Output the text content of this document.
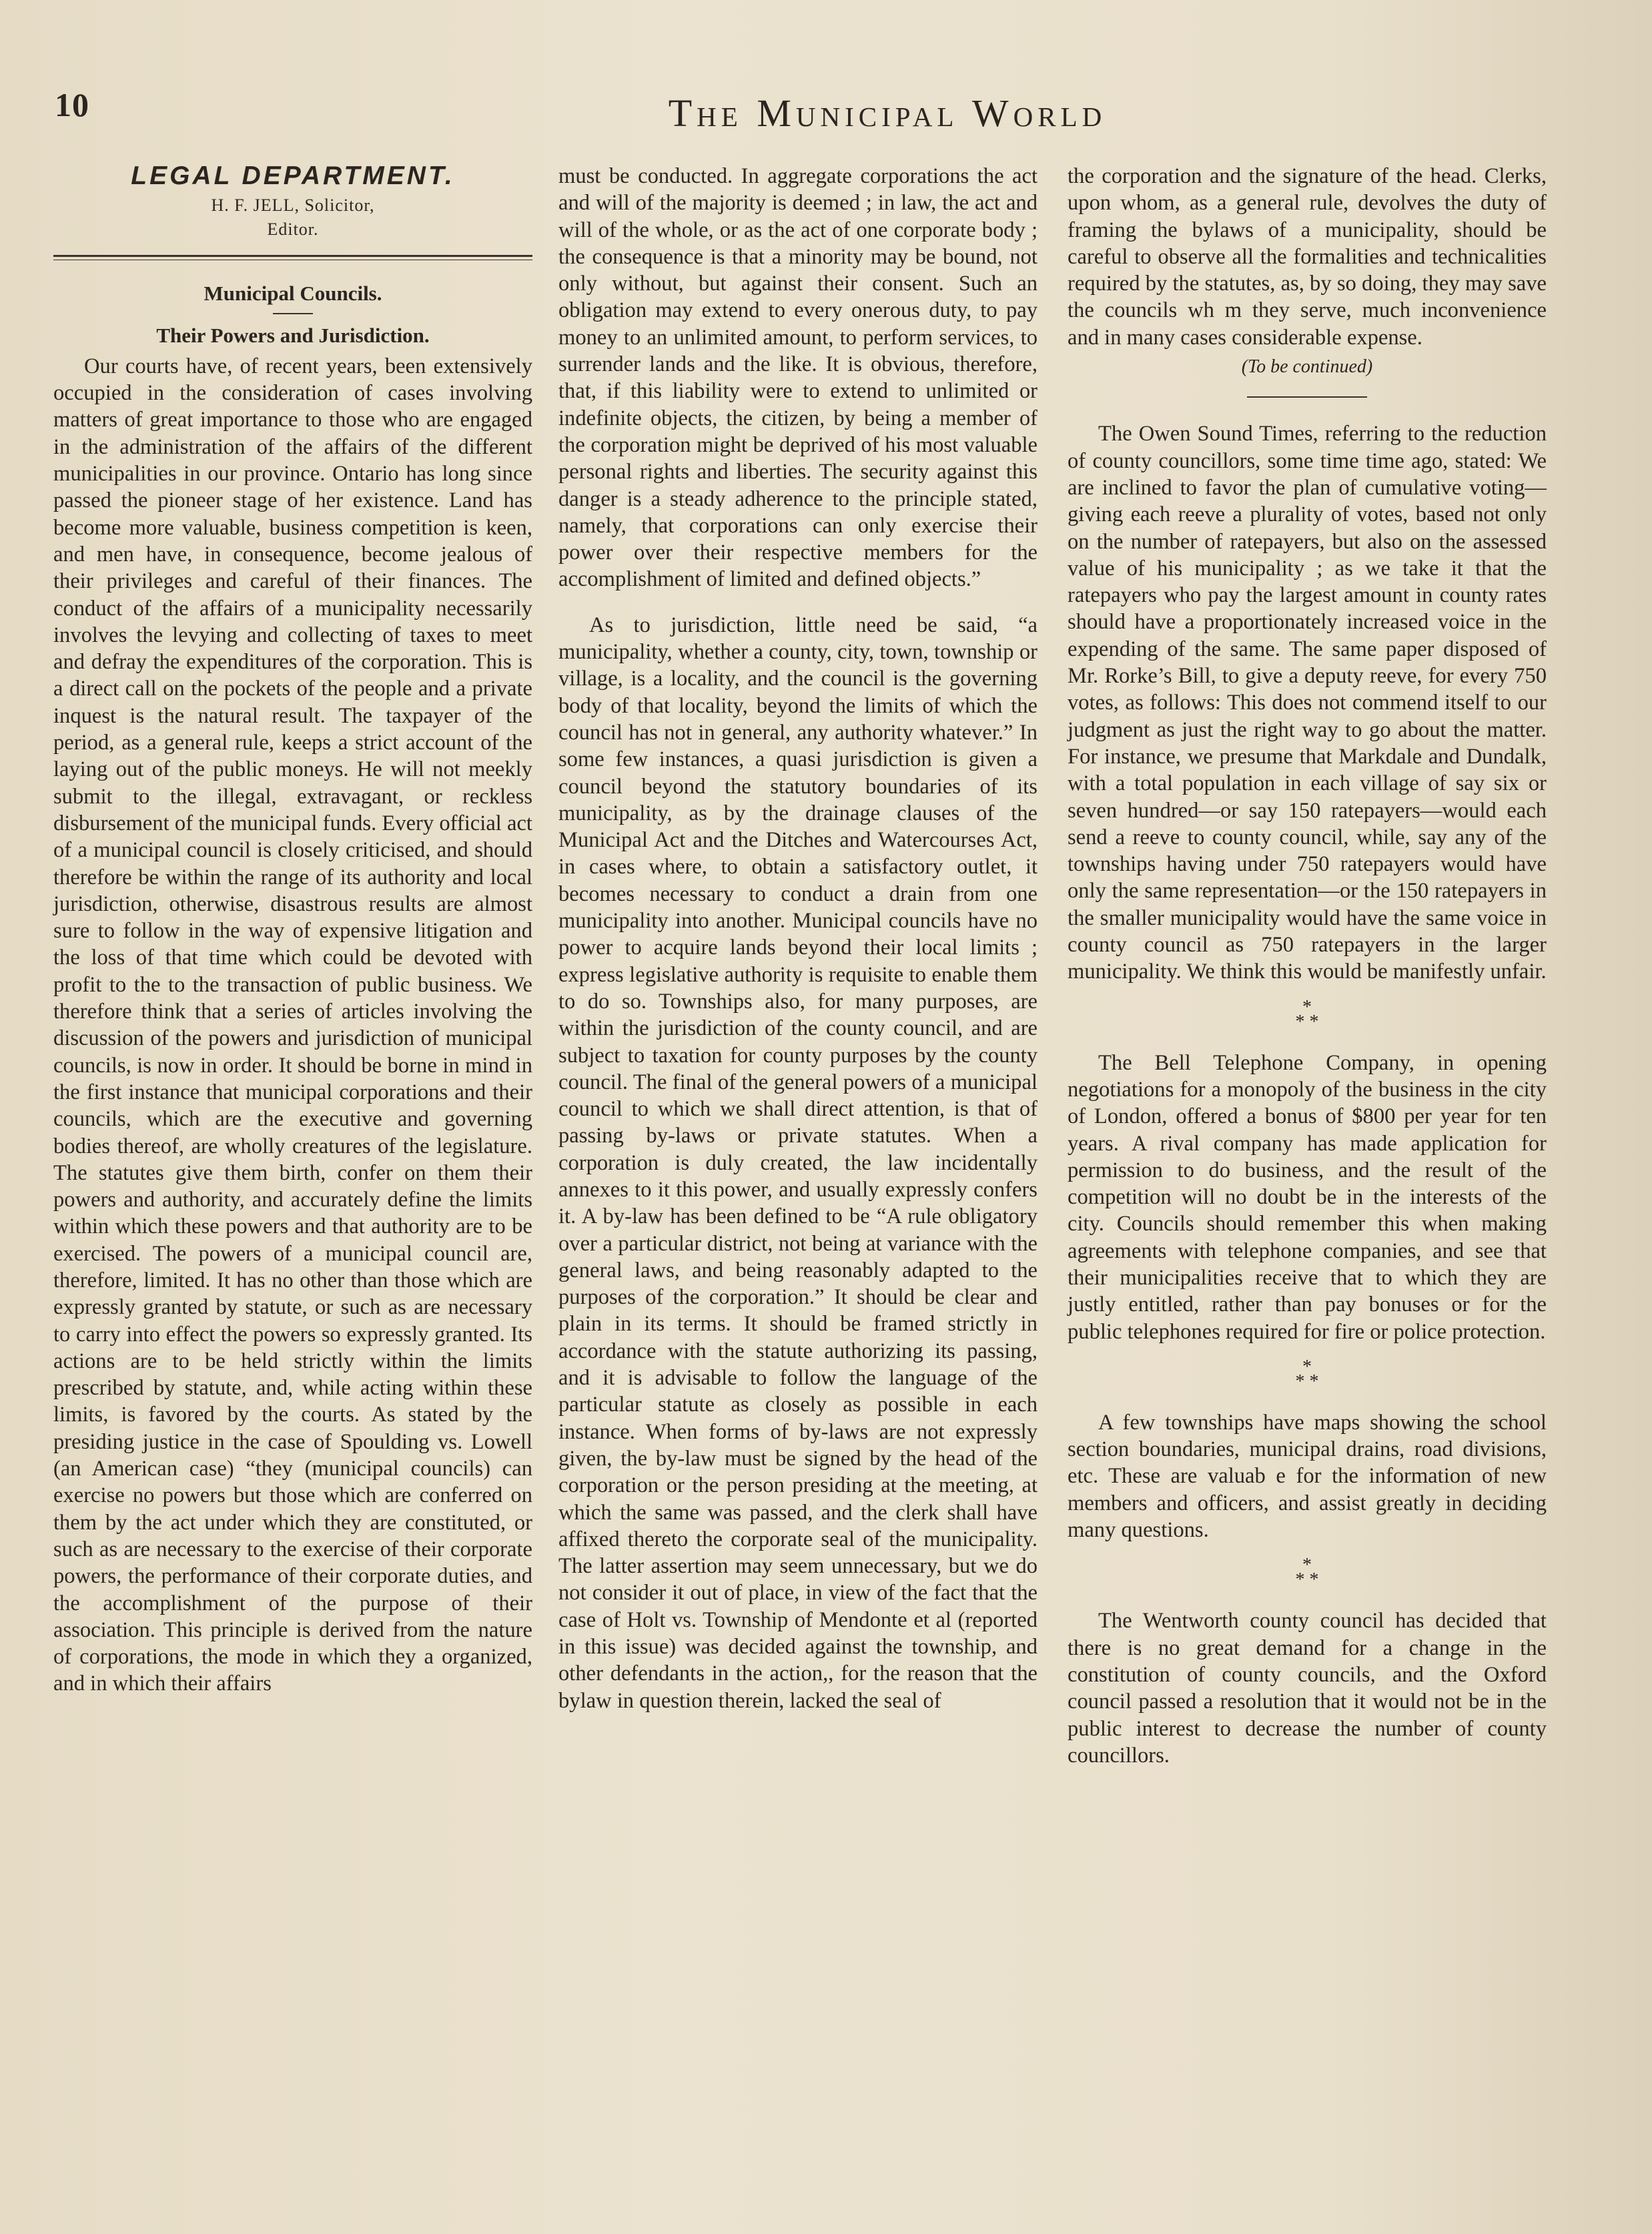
10	The Municipal World
LEGAL DEPARTMENT.
H. F. JELL, Solicitor,
Editor.
Municipal Councils.
Their Powers and Jurisdiction.

Our courts have, of recent years, been extensively occupied in the consideration of cases involving matters of great importance to those who are engaged in the administration of the affairs of the different municipalities in our province. Ontario has long since passed the pioneer stage of her existence. Land has become more valuable, business competition is keen, and men have, in consequence, become jealous of their privileges and careful of their finances. The conduct of the affairs of a municipality necessarily involves the levying and collecting of taxes to meet and defray the expenditures of the corporation. This is a direct call on the pockets of the people and a private inquest is the natural result. The taxpayer of the period, as a general rule, keeps a strict account of the laying out of the public moneys. He will not meekly submit to the illegal, extravagant, or reckless disbursement of the municipal funds. Every official act of a municipal council is closely criticised, and should therefore be within the range of its authority and local jurisdiction, otherwise, disastrous results are almost sure to follow in the way of expensive litigation and the loss of that time which could be devoted with profit to the to the transaction of public business. We therefore think that a series of articles involving the discussion of the powers and jurisdiction of municipal councils, is now in order. It should be borne in mind in the first instance that municipal corporations and their councils, which are the executive and governing bodies thereof, are wholly creatures of the legislature. The statutes give them birth, confer on them their powers and authority, and accurately define the limits within which these powers and that authority are to be exercised. The powers of a municipal council are, therefore, limited. It has no other than those which are expressly granted by statute, or such as are necessary to carry into effect the powers so expressly granted. Its actions are to be held strictly within the limits prescribed by statute, and, while acting within these limits, is favored by the courts. As stated by the presiding justice in the case of Spoulding vs. Lowell (an American case) “they (municipal councils) can exercise no powers but those which are conferred on them by the act under which they are constituted, or such as are necessary to the exercise of their corporate powers, the performance of their corporate duties, and the accomplishment of the purpose of their association. This principle is derived from the nature of corporations, the mode in which they a organized, and in which their affairs

must be conducted. In aggregate corporations the act and will of the majority is deemed ; in law, the act and will of the whole, or as the act of one corporate body ; the consequence is that a minority may be bound, not only without, but against their consent. Such an obligation may extend to every onerous duty, to pay money to an unlimited amount, to perform services, to surrender lands and the like. It is obvious, therefore, that, if this liability were to extend to unlimited or indefinite objects, the citizen, by being a member of the corporation might be deprived of his most valuable personal rights and liberties. The security against this danger is a steady adherence to the principle stated, namely, that corporations can only exercise their power over their respective members for the accomplishment of limited and defined objects.”

As to jurisdiction, little need be said, “a municipality, whether a county, city, town, township or village, is a locality, and the council is the governing body of that locality, beyond the limits of which the council has not in general, any authority whatever.” In some few instances, a quasi jurisdiction is given a council beyond the statutory boundaries of its municipality, as by the drainage clauses of the Municipal Act and the Ditches and Watercourses Act, in cases where, to obtain a satisfactory outlet, it becomes necessary to conduct a drain from one municipality into another. Municipal councils have no power to acquire lands beyond their local limits ; express legislative authority is requisite to enable them to do so. Townships also, for many purposes, are within the jurisdiction of the county council, and are subject to taxation for county purposes by the county council. The final of the general powers of a municipal council to which we shall direct attention, is that of passing by-laws or private statutes. When a corporation is duly created, the law incidentally annexes to it this power, and usually expressly confers it. A by-law has been defined to be “A rule obligatory over a particular district, not being at variance with the general laws, and being reasonably adapted to the purposes of the corporation.” It should be clear and plain in its terms. It should be framed strictly in accordance with the statute authorizing its passing, and it is advisable to follow the language of the particular statute as closely as possible in each instance. When forms of by-laws are not expressly given, the by-law must be signed by the head of the corporation or the person presiding at the meeting, at which the same was passed, and the clerk shall have affixed thereto the corporate seal of the municipality. The latter assertion may seem unnecessary, but we do not consider it out of place, in view of the fact that the case of Holt vs. Township of Mendonte et al (reported in this issue) was decided against the township, and other defendants in the action,, for the reason that the bylaw in question therein, lacked the seal of

the corporation and the signature of the head. Clerks, upon whom, as a general rule, devolves the duty of framing the bylaws of a municipality, should be careful to observe all the formalities and technicalities required by the statutes, as, by so doing, they may save the councils wh m they serve, much inconvenience and in many cases considerable expense.

(To be continued)

The Owen Sound Times, referring to the reduction of county councillors, some time time ago, stated: We are inclined to favor the plan of cumulative voting—giving each reeve a plurality of votes, based not only on the number of ratepayers, but also on the assessed value of his municipality ; as we take it that the ratepayers who pay the largest amount in county rates should have a proportionately increased voice in the expending of the same. The same paper disposed of Mr. Rorke’s Bill, to give a deputy reeve, for every 750 votes, as follows: This does not commend itself to our judgment as just the right way to go about the matter. For instance, we presume that Markdale and Dundalk, with a total population in each village of say six or seven hundred—or say 150 ratepayers—would each send a reeve to county council, while, say any of the townships having under 750 ratepayers would have only the same representation—or the 150 ratepayers in the smaller municipality would have the same voice in county council as 750 ratepayers in the larger municipality. We think this would be manifestly unfair.

*
* *

The Bell Telephone Company, in opening negotiations for a monopoly of the business in the city of London, offered a bonus of $800 per year for ten years. A rival company has made application for permission to do business, and the result of the competition will no doubt be in the interests of the city. Councils should remember this when making agreements with telephone companies, and see that their municipalities receive that to which they are justly entitled, rather than pay bonuses or for the public telephones required for fire or police protection.

*
* *

A few townships have maps showing the school section boundaries, municipal drains, road divisions, etc. These are valuab e for the information of new members and officers, and assist greatly in deciding many questions.

*
* *

The Wentworth county council has decided that there is no great demand for a change in the constitution of county councils, and the Oxford council passed a resolution that it would not be in the public interest to decrease the number of county councillors.
